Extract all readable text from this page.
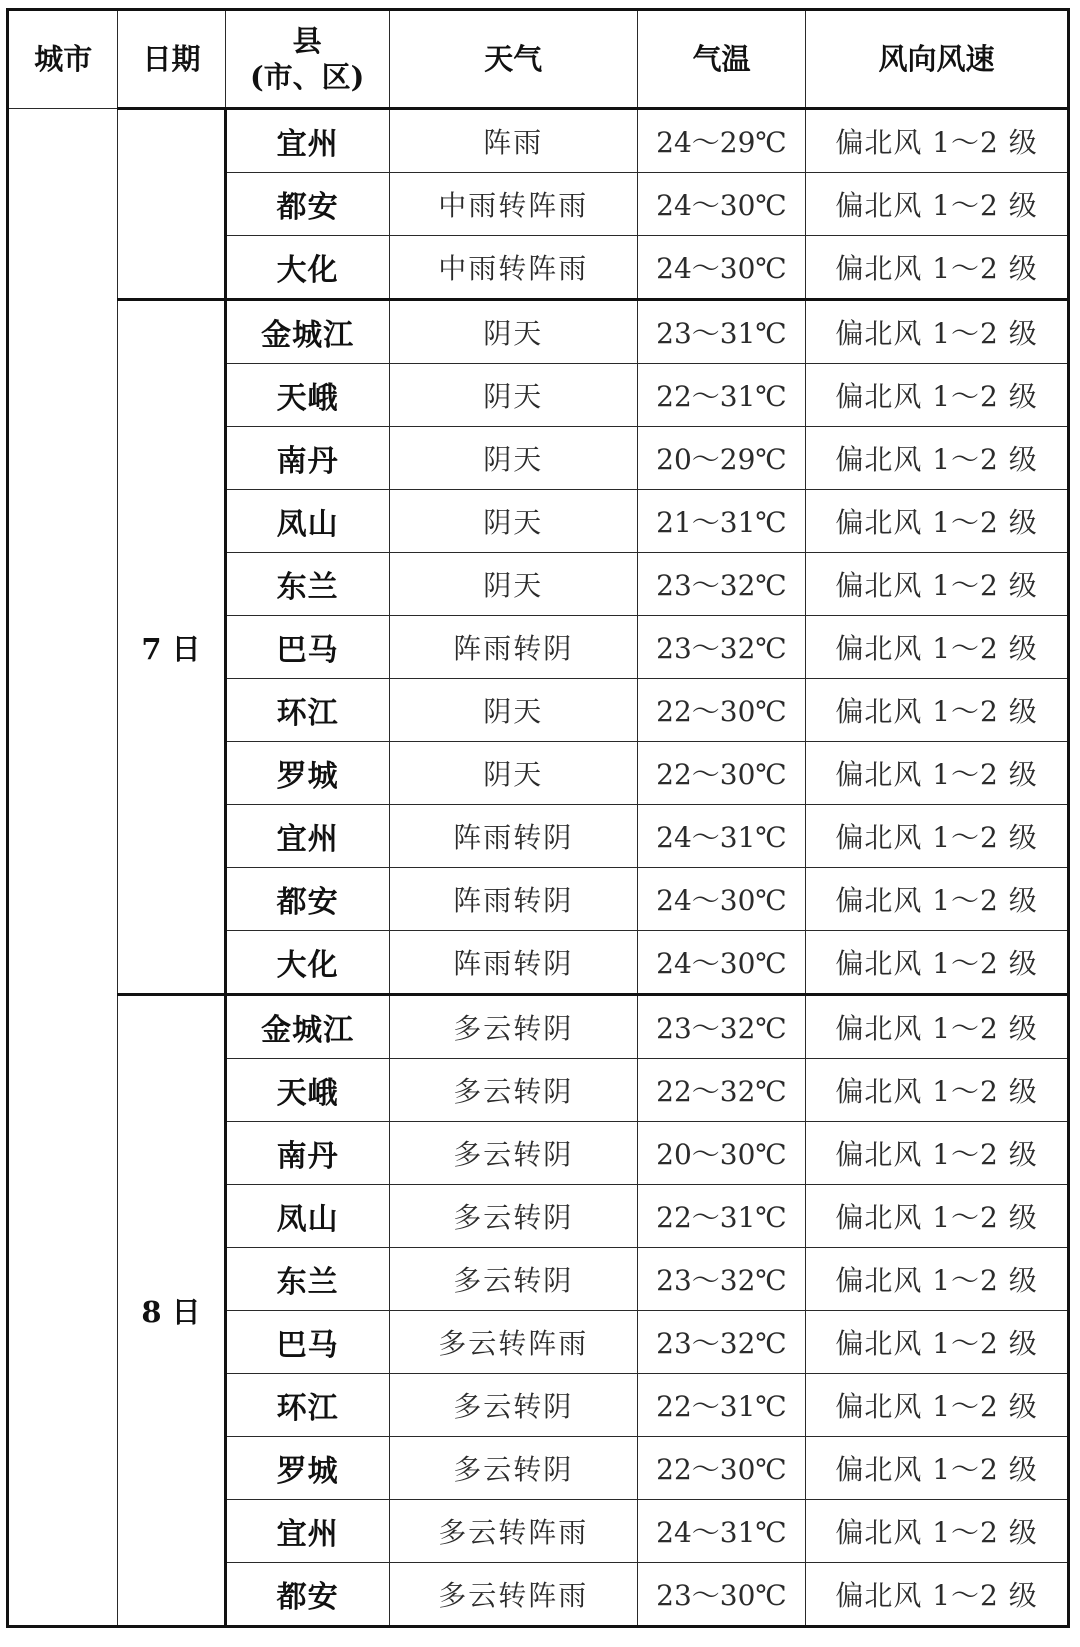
城市	日期	县
(市、区)	天气	气温	风向风速
		宜州	阵雨	24～29℃	偏北风 1～2 级
		都安	中雨转阵雨	24～30℃	偏北风 1～2 级
		大化	中雨转阵雨	24～30℃	偏北风 1～2 级
	7 日	金城江	阴天	23～31℃	偏北风 1～2 级
		天峨	阴天	22～31℃	偏北风 1～2 级
		南丹	阴天	20～29℃	偏北风 1～2 级
		凤山	阴天	21～31℃	偏北风 1～2 级
		东兰	阴天	23～32℃	偏北风 1～2 级
		巴马	阵雨转阴	23～32℃	偏北风 1～2 级
		环江	阴天	22～30℃	偏北风 1～2 级
		罗城	阴天	22～30℃	偏北风 1～2 级
		宜州	阵雨转阴	24～31℃	偏北风 1～2 级
		都安	阵雨转阴	24～30℃	偏北风 1～2 级
		大化	阵雨转阴	24～30℃	偏北风 1～2 级
	8 日	金城江	多云转阴	23～32℃	偏北风 1～2 级
		天峨	多云转阴	22～32℃	偏北风 1～2 级
		南丹	多云转阴	20～30℃	偏北风 1～2 级
		凤山	多云转阴	22～31℃	偏北风 1～2 级
		东兰	多云转阴	23～32℃	偏北风 1～2 级
		巴马	多云转阵雨	23～32℃	偏北风 1～2 级
		环江	多云转阴	22～31℃	偏北风 1～2 级
		罗城	多云转阴	22～30℃	偏北风 1～2 级
		宜州	多云转阵雨	24～31℃	偏北风 1～2 级
		都安	多云转阵雨	23～30℃	偏北风 1～2 级
